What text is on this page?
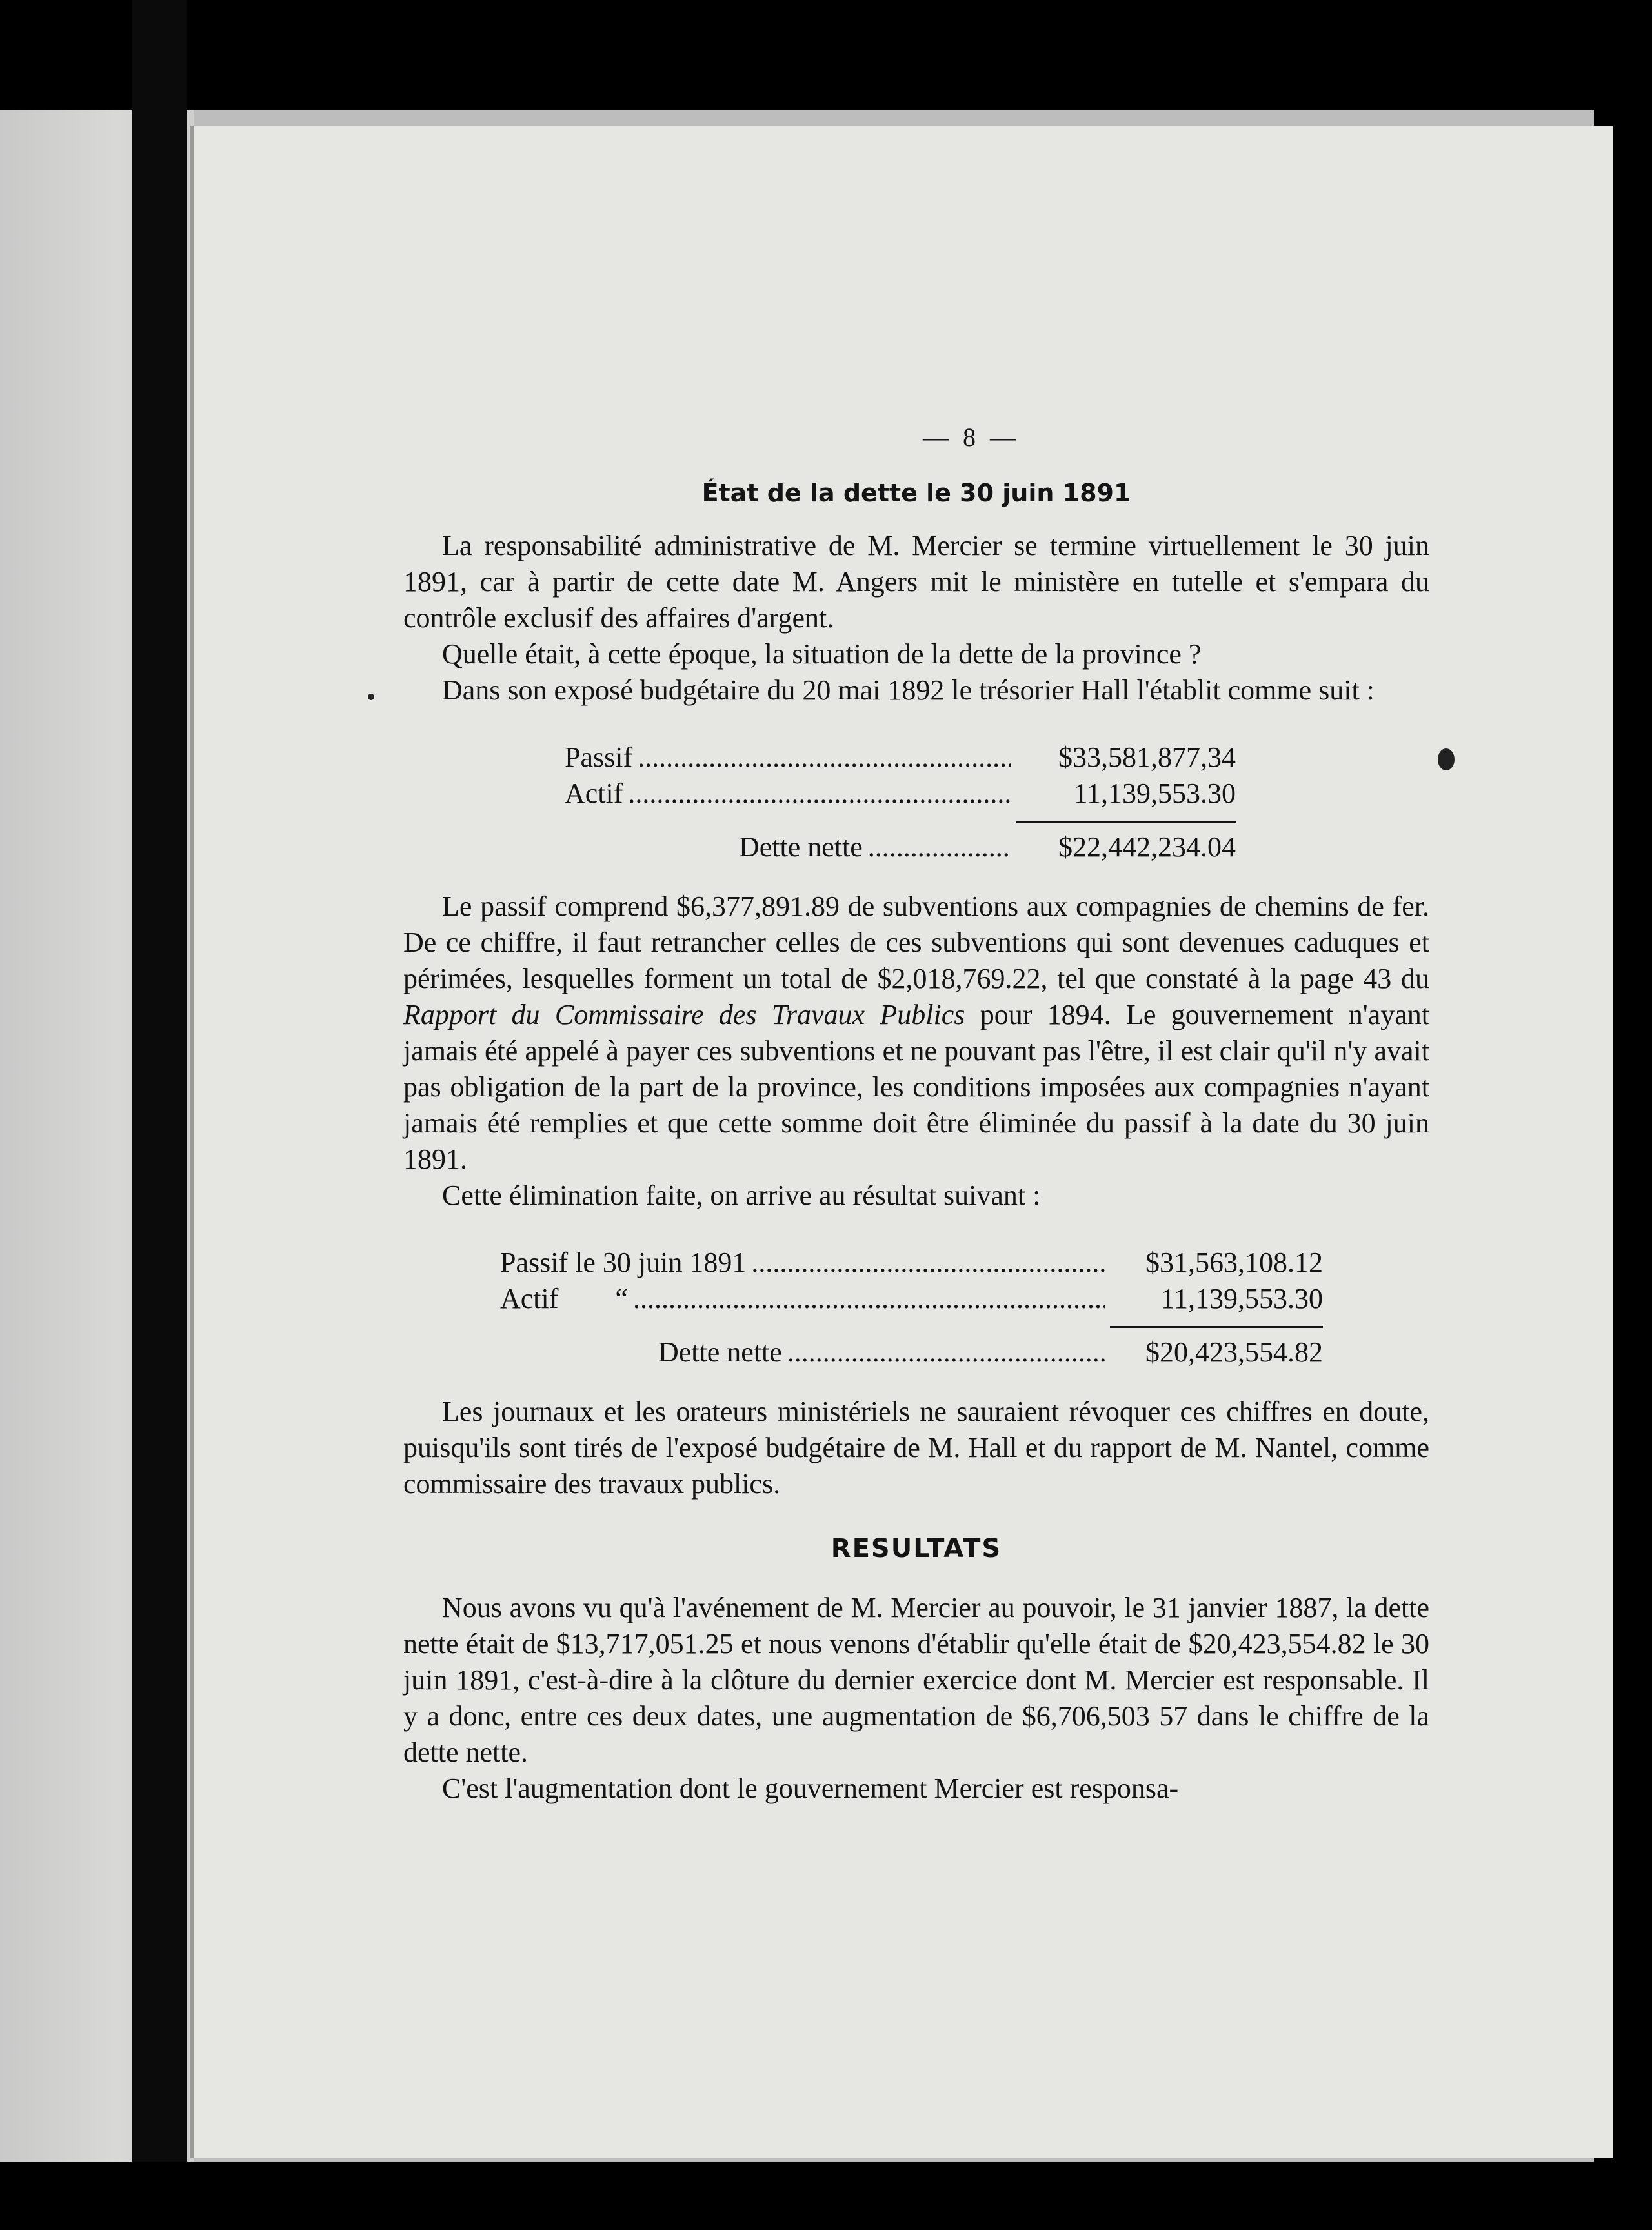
— 8 —
État de la dette le 30 juin 1891

La responsabilité administrative de M. Mercier se termine virtuellement le 30 juin 1891, car à partir de cette date M. Angers mit le ministère en tutelle et s'empara du contrôle exclusif des affaires d'argent.

Quelle était, à cette époque, la situation de la dette de la province ?

Dans son exposé budgétaire du 20 mai 1892 le trésorier Hall l'établit comme suit :

Passif .....	$33,581,877,34
Actif .....	11,139,553.30
Dette nette .....	$22,442,234.04

Le passif comprend $6,377,891.89 de subventions aux compagnies de chemins de fer. De ce chiffre, il faut retrancher celles de ces subventions qui sont devenues caduques et périmées, lesquelles forment un total de $2,018,769.22, tel que constaté à la page 43 du Rapport du Commissaire des Travaux Publics pour 1894. Le gouvernement n'ayant jamais été appelé à payer ces subventions et ne pouvant pas l'être, il est clair qu'il n'y avait pas obligation de la part de la province, les conditions imposées aux compagnies n'ayant jamais été remplies et que cette somme doit être éliminée du passif à la date du 30 juin 1891.

Cette élimination faite, on arrive au résultat suivant :

Passif le 30 juin 1891 .....	$31,563,108.12
Actif        “ .....	11,139,553.30
Dette nette .....	$20,423,554.82

Les journaux et les orateurs ministériels ne sauraient révoquer ces chiffres en doute, puisqu'ils sont tirés de l'exposé budgétaire de M. Hall et du rapport de M. Nantel, comme commissaire des travaux publics.

RESULTATS

Nous avons vu qu'à l'avénement de M. Mercier au pouvoir, le 31 janvier 1887, la dette nette était de $13,717,051.25 et nous venons d'établir qu'elle était de $20,423,554.82 le 30 juin 1891, c'est-à-dire à la clôture du dernier exercice dont M. Mercier est responsable. Il y a donc, entre ces deux dates, une augmentation de $6,706,503 57 dans le chiffre de la dette nette.

C'est l'augmentation dont le gouvernement Mercier est responsa-
